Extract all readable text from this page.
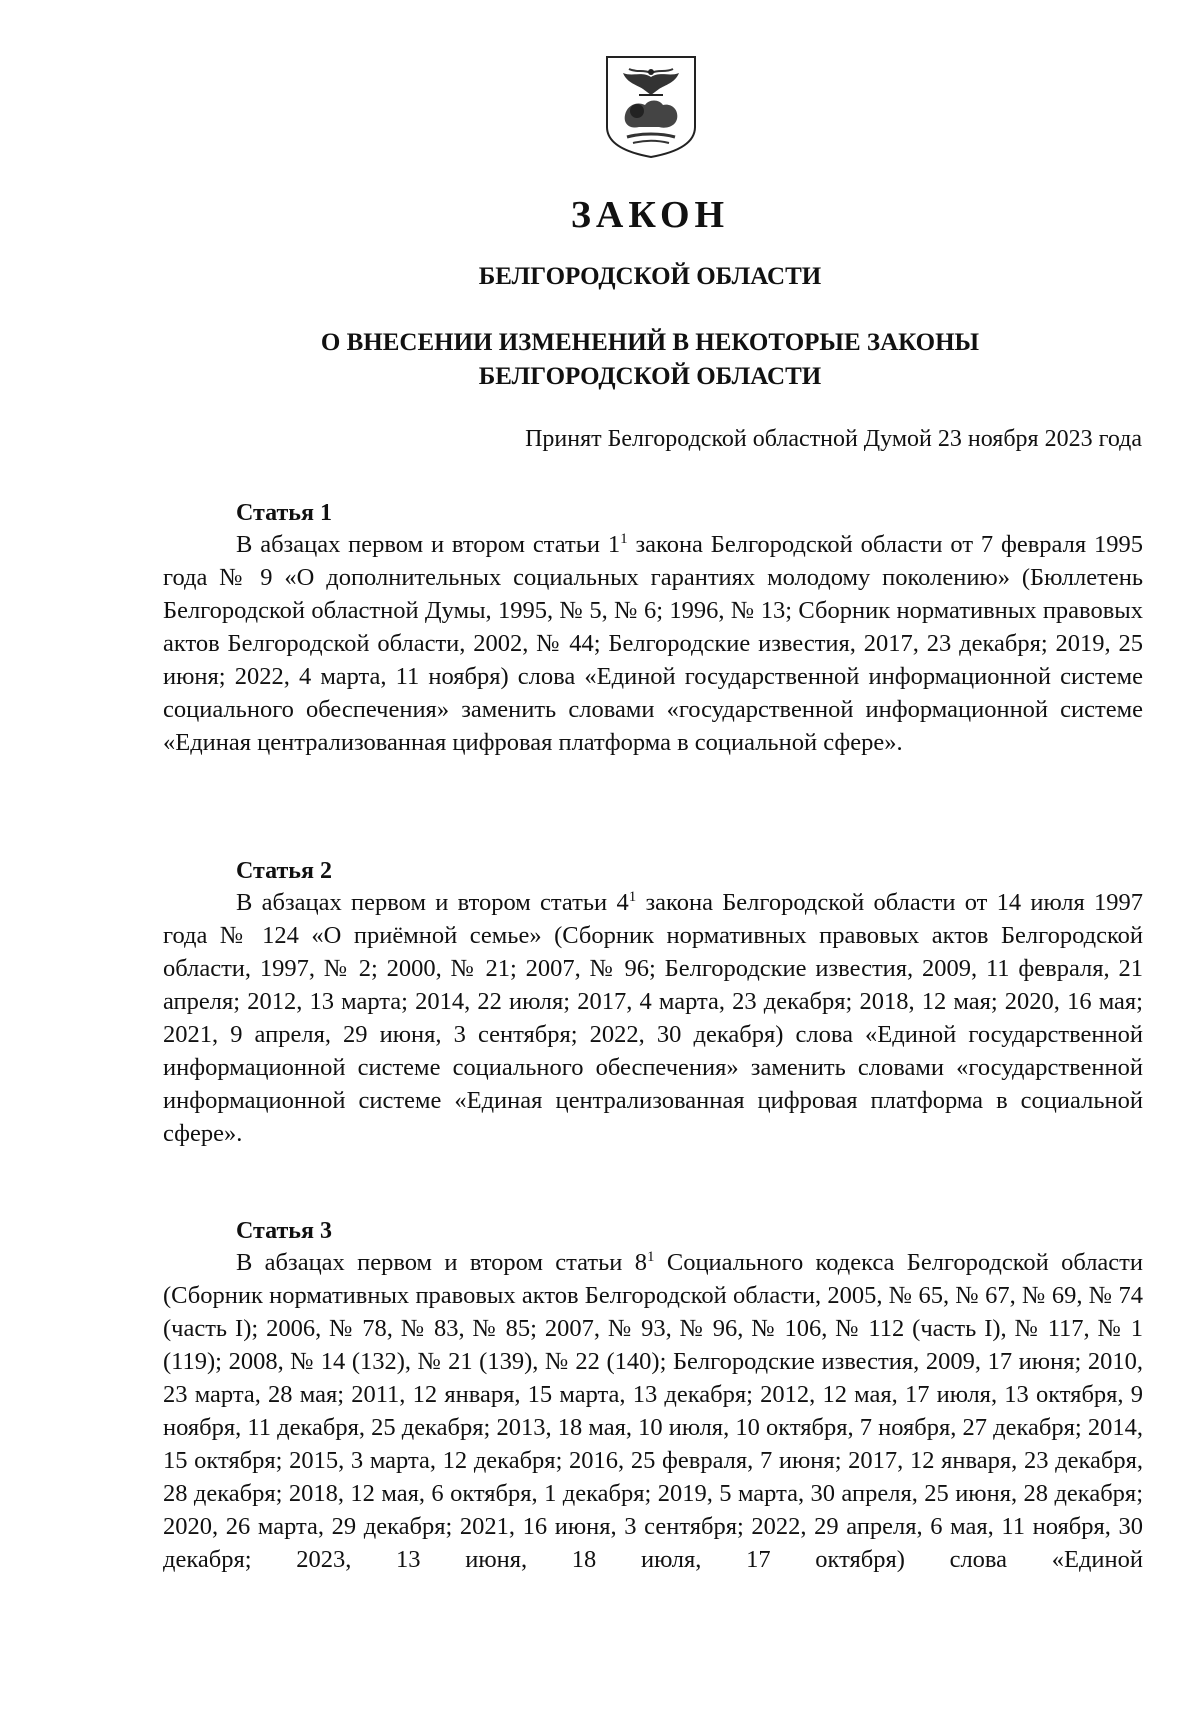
ЗАКОН
БЕЛГОРОДСКОЙ ОБЛАСТИ
О ВНЕСЕНИИ ИЗМЕНЕНИЙ В НЕКОТОРЫЕ ЗАКОНЫ
БЕЛГОРОДСКОЙ ОБЛАСТИ
Принят Белгородской областной Думой 23 ноября 2023 года
Статья 1

В абзацах первом и втором статьи $1^1$ закона Белгородской области от 7 февраля 1995 года № 9 «О дополнительных социальных гарантиях молодому поколению» (Бюллетень Белгородской областной Думы, 1995, № 5, № 6; 1996, № 13; Сборник нормативных правовых актов Белгородской области, 2002, № 44; Белгородские известия, 2017, 23 декабря; 2019, 25 июня; 2022, 4 марта, 11 ноября) слова «Единой государственной информационной системе социального обеспечения» заменить словами «государственной информационной системе «Единая централизованная цифровая платформа в социальной сфере».

Статья 2

В абзацах первом и втором статьи $4^1$ закона Белгородской области от 14 июля 1997 года № 124 «О приёмной семье» (Сборник нормативных правовых актов Белгородской области, 1997, № 2; 2000, № 21; 2007, № 96; Белгородские известия, 2009, 11 февраля, 21 апреля; 2012, 13 марта; 2014, 22 июля; 2017, 4 марта, 23 декабря; 2018, 12 мая; 2020, 16 мая; 2021, 9 апреля, 29 июня, 3 сентября; 2022, 30 декабря) слова «Единой государственной информационной системе социального обеспечения» заменить словами «государственной информационной системе «Единая централизованная цифровая платформа в социальной сфере».

Статья 3

В абзацах первом и втором статьи $8^1$ Социального кодекса Белгородской области (Сборник нормативных правовых актов Белгородской области, 2005, № 65, № 67, № 69, № 74 (часть I); 2006, № 78, № 83, № 85; 2007, № 93, № 96, № 106, № 112 (часть I), № 117, № 1 (119); 2008, № 14 (132), № 21 (139), № 22 (140); Белгородские известия, 2009, 17 июня; 2010, 23 марта, 28 мая; 2011, 12 января, 15 марта, 13 декабря; 2012, 12 мая, 17 июля, 13 октября, 9 ноября, 11 декабря, 25 декабря; 2013, 18 мая, 10 июля, 10 октября, 7 ноября, 27 декабря; 2014, 15 октября; 2015, 3 марта, 12 декабря; 2016, 25 февраля, 7 июня; 2017, 12 января, 23 декабря, 28 декабря; 2018, 12 мая, 6 октября, 1 декабря; 2019, 5 марта, 30 апреля, 25 июня, 28 декабря; 2020, 26 марта, 29 декабря; 2021, 16 июня, 3 сентября; 2022, 29 апреля, 6 мая, 11 ноября, 30 декабря; 2023, 13 июня, 18 июля, 17 октября) слова «Единой
